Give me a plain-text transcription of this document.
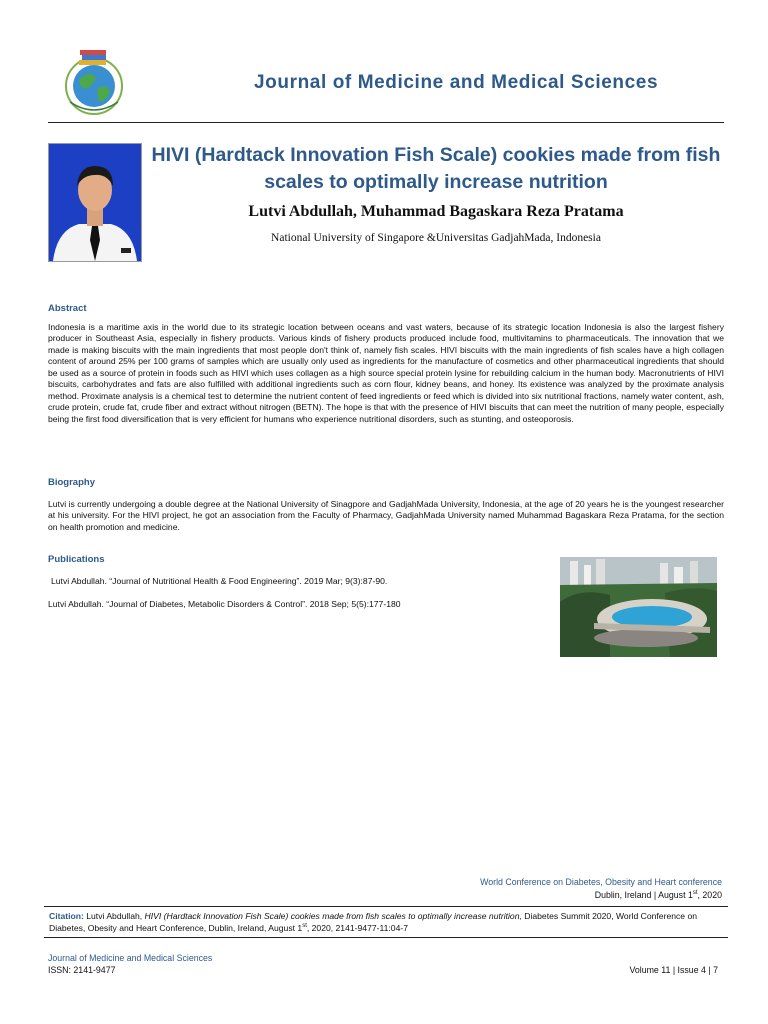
Journal of Medicine and Medical Sciences
HIVI (Hardtack Innovation Fish Scale) cookies made from fish scales to optimally increase nutrition
Lutvi Abdullah, Muhammad Bagaskara Reza Pratama
National University of Singapore &Universitas GadjahMada, Indonesia
Abstract
Indonesia is a maritime axis in the world due to its strategic location between oceans and vast waters, because of its strategic location Indonesia is also the largest fishery producer in Southeast Asia, especially in fishery products. Various kinds of fishery products produced include food, multivitamins to pharmaceuticals. The innovation that we made is making biscuits with the main ingredients that most people don't think of, namely fish scales. HIVI biscuits with the main ingredients of fish scales have a high collagen content of around 25% per 100 grams of samples which are usually only used as ingredients for the manufacture of cosmetics and other pharmaceutical ingredients that should be used as a source of protein in foods such as HIVI which uses collagen as a high source special protein lysine for rebuilding calcium in the human body. Macronutrients of HIVI biscuits, carbohydrates and fats are also fulfilled with additional ingredients such as corn flour, kidney beans, and honey. Its existence was analyzed by the proximate analysis method. Proximate analysis is a chemical test to determine the nutrient content of feed ingredients or feed which is divided into six nutritional fractions, namely water content, ash, crude protein, crude fat, crude fiber and extract without nitrogen (BETN). The hope is that with the presence of HIVI biscuits that can meet the nutrition of many people, especially being the first food diversification that is very efficient for humans who experience nutritional disorders, such as stunting, and osteoporosis.
Biography
Lutvi is currently undergoing a double degree at the National University of Sinagpore and GadjahMada University, Indonesia, at the age of 20 years he is the youngest researcher at his university. For the HIVI project, he got an association from the Faculty of Pharmacy, GadjahMada University named Muhammad Bagaskara Reza Pratama, for the section on health promotion and medicine.
Publications
Lutvi Abdullah. “Journal of Nutritional Health & Food Engineering”. 2019 Mar; 9(3):87-90.
Lutvi Abdullah. “Journal of Diabetes, Metabolic Disorders & Control”. 2018 Sep; 5(5):177-180
World Conference on Diabetes, Obesity and Heart conference
Dublin, Ireland | August 1st, 2020
Citation: Lutvi Abdullah, HIVI (Hardtack Innovation Fish Scale) cookies made from fish scales to optimally increase nutrition, Diabetes Summit 2020, World Conference on Diabetes, Obesity and Heart Conference, Dublin, Ireland, August 1st, 2020, 2141-9477-11:04-7
Journal of Medicine and Medical Sciences
ISSN: 2141-9477	Volume 11 | Issue 4 | 7
